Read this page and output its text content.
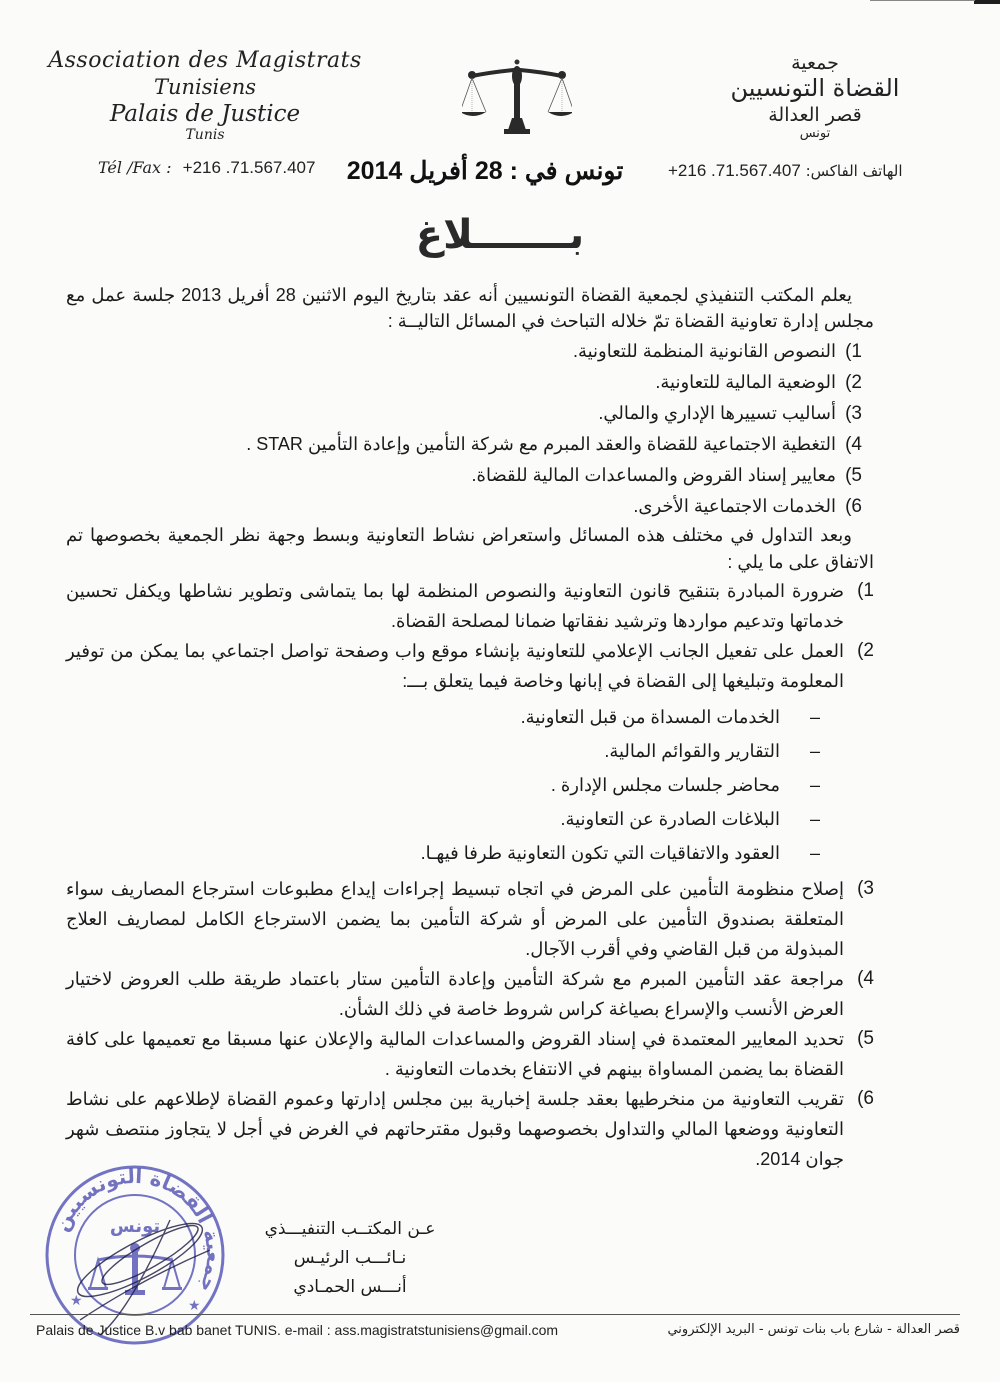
Association des Magistrats
Tunisiens
Palais de Justice
Tunis
Tél /Fax : +216 .71.567.407 تونس في : 28 أفريل 2014
جمعية
القضاة التونسيين
قصر العدالة
تونس
الهاتف الفاكس: +216 .71.567.407
بـــــــلاغ

يعلم المكتب التنفيذي لجمعية القضاة التونسيين أنه عقد بتاريخ اليوم الاثنين 28 أفريل 2013 جلسة عمل مع مجلس إدارة تعاونية القضاة تمّ خلاله التباحث في المسائل التاليــة :

1)
النصوص القانونية المنظمة للتعاونية.
2)
الوضعية المالية للتعاونية.
3)
أساليب تسييرها الإداري والمالي.
4)
التغطية الاجتماعية للقضاة والعقد المبرم مع شركة التأمين وإعادة التأمين STAR .
5)
معايير إسناد القروض والمساعدات المالية للقضاة.
6)
الخدمات الاجتماعية الأخرى.

وبعد التداول في مختلف هذه المسائل واستعراض نشاط التعاونية وبسط وجهة نظر الجمعية بخصوصها تم الاتفاق على ما يلي :

1)
ضرورة المبادرة بتنقيح قانون التعاونية والنصوص المنظمة لها بما يتماشى وتطوير نشاطها ويكفل تحسين خدماتها وتدعيم مواردها وترشيد نفقاتها ضمانا لمصلحة القضاة.
2)
العمل على تفعيل الجانب الإعلامي للتعاونية بإنشاء موقع واب وصفحة تواصل اجتماعي بما يمكن من توفير المعلومة وتبليغها إلى القضاة في إبانها وخاصة فيما يتعلق بـــ:
–
الخدمات المسداة من قبل التعاونية.
–
التقارير والقوائم المالية.
–
محاضر جلسات مجلس الإدارة .
–
البلاغات الصادرة عن التعاونية.
–
العقود والاتفاقيات التي تكون التعاونية طرفا فيهـا.
3)
إصلاح منظومة التأمين على المرض في اتجاه تبسيط إجراءات إيداع مطبوعات استرجاع المصاريف سواء المتعلقة بصندوق التأمين على المرض أو شركة التأمين بما يضمن الاسترجاع الكامل لمصاريف العلاج المبذولة من قبل القاضي وفي أقرب الآجال.
4)
مراجعة عقد التأمين المبرم مع شركة التأمين وإعادة التأمين ستار باعتماد طريقة طلب العروض لاختيار العرض الأنسب والإسراع بصياغة كراس شروط خاصة في ذلك الشأن.
5)
تحديد المعايير المعتمدة في إسناد القروض والمساعدات المالية والإعلان عنها مسبقا مع تعميمها على كافة القضاة بما يضمن المساواة بينهم في الانتفاع بخدمات التعاونية .
6)
تقريب التعاونية من منخرطيها بعقد جلسة إخبارية بين مجلس إدارتها وعموم القضاة لإطلاعهم على نشاط التعاونية ووضعها المالي والتداول بخصوصهما وقبول مقترحاتهم في الغرض في أجل لا يتجاوز منتصف شهر جوان 2014.
جمعية القضاة التونسيين
تونس
★	★
عـن المكتــب التنفيـــذي
نـائـــب الرئيـس
أنـــس الحمـادي
Palais de Justice B.v bab banet TUNIS. e-mail : ass.magistratstunisiens@gmail.com	قصر العدالة - شارع باب بنات تونس - البريد الإلكتروني
